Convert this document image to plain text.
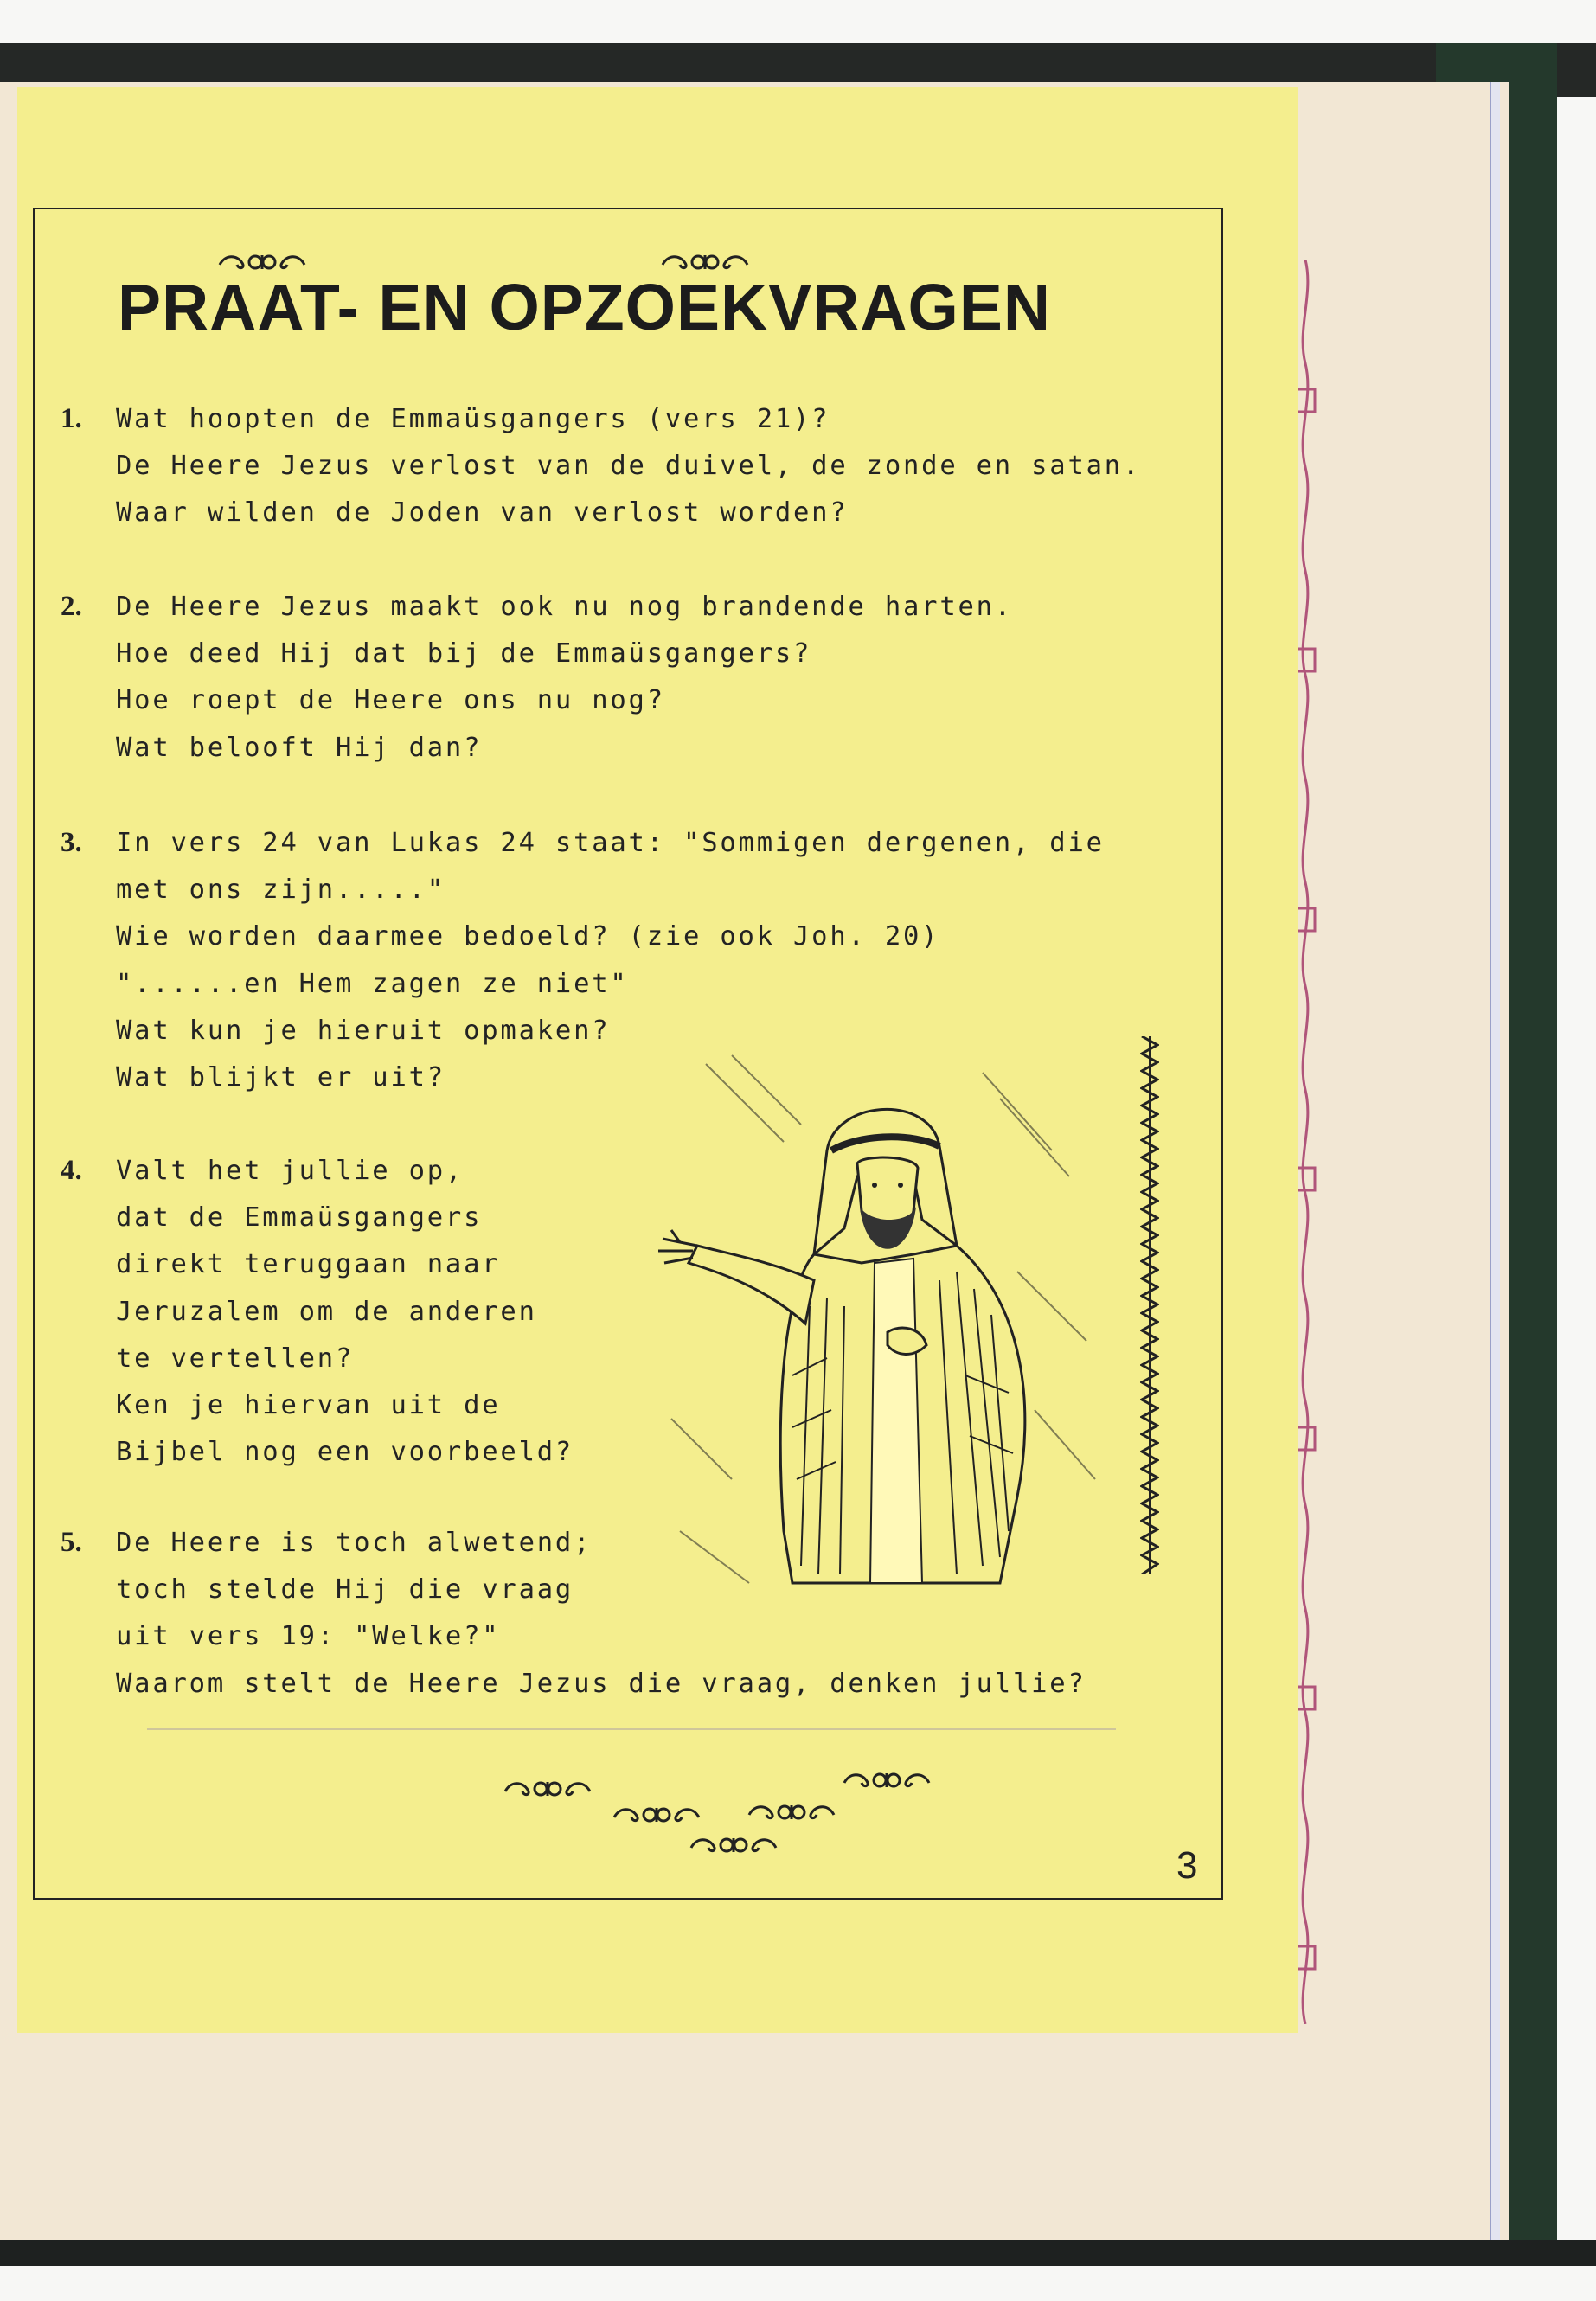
PRAAT- EN OPZOEKVRAGEN
1. Wat hoopten de Emmaüsgangers (vers 21)?
De Heere Jezus verlost van de duivel, de zonde en satan.
Waar wilden de Joden van verlost worden?
2. De Heere Jezus maakt ook nu nog brandende harten.
Hoe deed Hij dat bij de Emmaüsgangers?
Hoe roept de Heere ons nu nog?
Wat belooft Hij dan?
3. In vers 24 van Lukas 24 staat: "Sommigen dergenen, die
met ons zijn....."
Wie worden daarmee bedoeld? (zie ook Joh. 20)
"......en Hem zagen ze niet"
Wat kun je hieruit opmaken?
Wat blijkt er uit?
4. Valt het jullie op,
dat de Emmaüsgangers
direkt teruggaan naar
Jeruzalem om de anderen
te vertellen?
Ken je hiervan uit de
Bijbel nog een voorbeeld?
5. De Heere is toch alwetend;
toch stelde Hij die vraag
uit vers 19: "Welke?"
Waarom stelt de Heere Jezus die vraag, denken jullie?
3
